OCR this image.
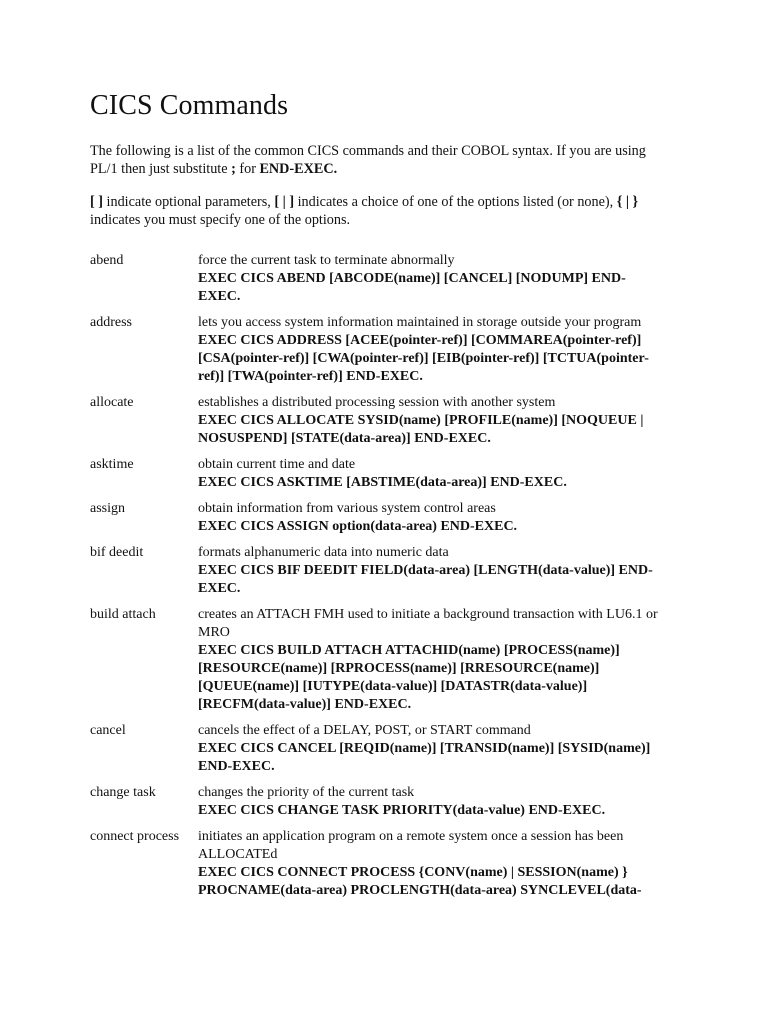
CICS Commands

The following is a list of the common CICS commands and their COBOL syntax. If you are using PL/1 then just substitute ; for END-EXEC.

[ ] indicate optional parameters, [ | ] indicates a choice of one of the options listed (or none), { | } indicates you must specify one of the options.

abend	force the current task to terminate abnormally
EXEC CICS ABEND [ABCODE(name)] [CANCEL] [NODUMP] END-EXEC.
address	lets you access system information maintained in storage outside your program
EXEC CICS ADDRESS [ACEE(pointer-ref)] [COMMAREA(pointer-ref)] [CSA(pointer-ref)] [CWA(pointer-ref)] [EIB(pointer-ref)] [TCTUA(pointer-ref)] [TWA(pointer-ref)] END-EXEC.
allocate	establishes a distributed processing session with another system
EXEC CICS ALLOCATE SYSID(name) [PROFILE(name)] [NOQUEUE | NOSUSPEND] [STATE(data-area)] END-EXEC.
asktime	obtain current time and date
EXEC CICS ASKTIME [ABSTIME(data-area)] END-EXEC.
assign	obtain information from various system control areas
EXEC CICS ASSIGN option(data-area) END-EXEC.
bif deedit	formats alphanumeric data into numeric data
EXEC CICS BIF DEEDIT FIELD(data-area) [LENGTH(data-value)] END-EXEC.
build attach	creates an ATTACH FMH used to initiate a background transaction with LU6.1 or MRO
EXEC CICS BUILD ATTACH ATTACHID(name) [PROCESS(name)] [RESOURCE(name)] [RPROCESS(name)] [RRESOURCE(name)] [QUEUE(name)] [IUTYPE(data-value)] [DATASTR(data-value)] [RECFM(data-value)] END-EXEC.
cancel	cancels the effect of a DELAY, POST, or START command
EXEC CICS CANCEL [REQID(name)] [TRANSID(name)] [SYSID(name)] END-EXEC.
change task	changes the priority of the current task
EXEC CICS CHANGE TASK PRIORITY(data-value) END-EXEC.
connect process	initiates an application program on a remote system once a session has been ALLOCATEd
EXEC CICS CONNECT PROCESS {CONV(name) | SESSION(name) } PROCNAME(data-area) PROCLENGTH(data-area) SYNCLEVEL(data-
